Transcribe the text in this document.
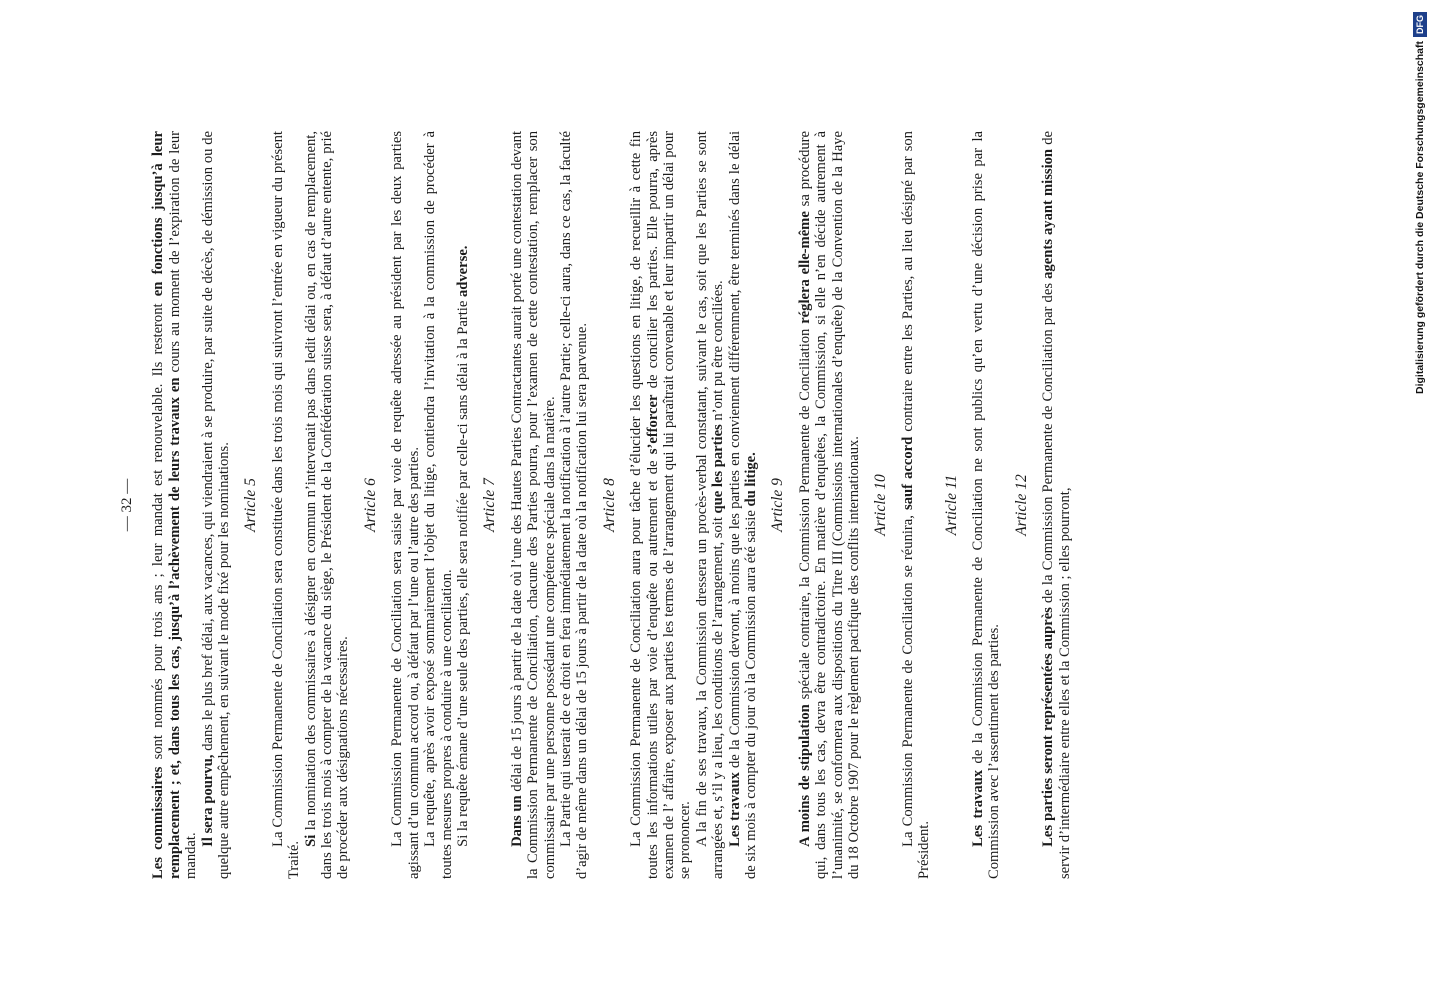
— 32 —

Les commissaires sont nommés pour trois ans ; leur mandat est renouvelable. Ils resteront en fonctions jusqu’à leur remplacement ; et, dans tous les cas, jusqu’à l’achèvement de leurs travaux en cours au moment de l’expiration de leur mandat.

Il sera pourvu, dans le plus bref délai, aux vacances, qui viendraient à se produire, par suite de décès, de démission ou de quelque autre empêchement, en suivant le mode fixé pour les nominations. Article 5 La Commission Permanente de Conciliation sera constituée dans les trois mois qui suivront l’entrée en vigueur du présent Traité.

Si la nomination des commissaires à désigner en commun n’intervenait pas dans ledit délai ou, en cas de remplacement, dans les trois mois à compter de la vacance du siège, le Président de la Confédération suisse sera, à défaut d’autre entente, prié de procéder aux désignations nécessaires.

Article 6 La Commission Permanente de Conciliation sera saisie par voie de requête adressée au président par les deux parties agissant d’un commun accord ou, à défaut par l’une ou l’autre des parties. La requête, après avoir exposé sommairement l’objet du litige, contiendra l’invitation à la commission de procéder à toutes mesures propres à conduire à une conciliation. Si la requête émane d’une seule des parties, elle sera notifiée par celle-ci sans délai à la Partie adverse.

Article 7

Dans un délai de 15 jours à partir de la date où l’une des Hautes Parties Contractantes aurait porté une contestation devant la Commission Permanente de Conciliation, chacune des Parties pourra, pour l’examen de cette contestation, remplacer son commissaire par une personne possédant une compétence spéciale dans la matière. La Partie qui userait de ce droit en fera immédiatement la notification à l’autre Partie; celle-ci aura, dans ce cas, la faculté d’agir de même dans un délai de 15 jours à partir de la date où la notification lui sera parvenue. Article 8 La Commission Permanente de Conciliation aura pour tâche d’élucider les questions en litige, de recueillir à cette fin toutes les informations utiles par voie d’enquête ou autrement et de s’efforcer de concilier les parties. Elle pourra, après examen de l’ affaire, exposer aux parties les termes de l’arrangement qui lui paraîtrait convenable et leur impartir un délai pour se prononcer. A la fin de ses travaux, la Commission dressera un procès-verbal constatant, suivant le cas, soit que les Parties se sont arrangées et, s’il y a lieu, les conditions de l’arrangement, soit que les parties n’ont pu être conciliées.

Les travaux de la Commission devront, à moins que les parties en conviennent différemment, être terminés dans le délai de six mois à compter du jour où la Commission aura été saisie du litige. Article 9

A moins de stipulation spéciale contraire, la Commission Permanente de Conciliation réglera elle-même sa procédure qui, dans tous les cas, devra être contradictoire. En matière d’enquêtes, la Commission, si elle n’en décide autrement à l’unanimité, se conformera aux dispositions du Titre III (Commissions internationales d’enquête) de la Convention de la Haye du 18 Octobre 1907 pour le règlement pacifique des conflits internationaux. Article 10

La Commission Permanente de Conciliation se réunira, sauf accord contraire entre les Parties, au lieu désigné par son Président.

Article 11

Les travaux de la Commission Permanente de Conciliation ne sont publics qu’en vertu d’une décision prise par la Commission avec l’assentiment des parties.

Article 12

Les parties seront représentées auprès de la Commission Permanente de Conciliation par des agents ayant mission de servir d’intermédiaire entre elles et la Commission ; elles pourront,

Digitalisierung gefördert durch die Deutsche Forschungsgemeinschaft
DFG
